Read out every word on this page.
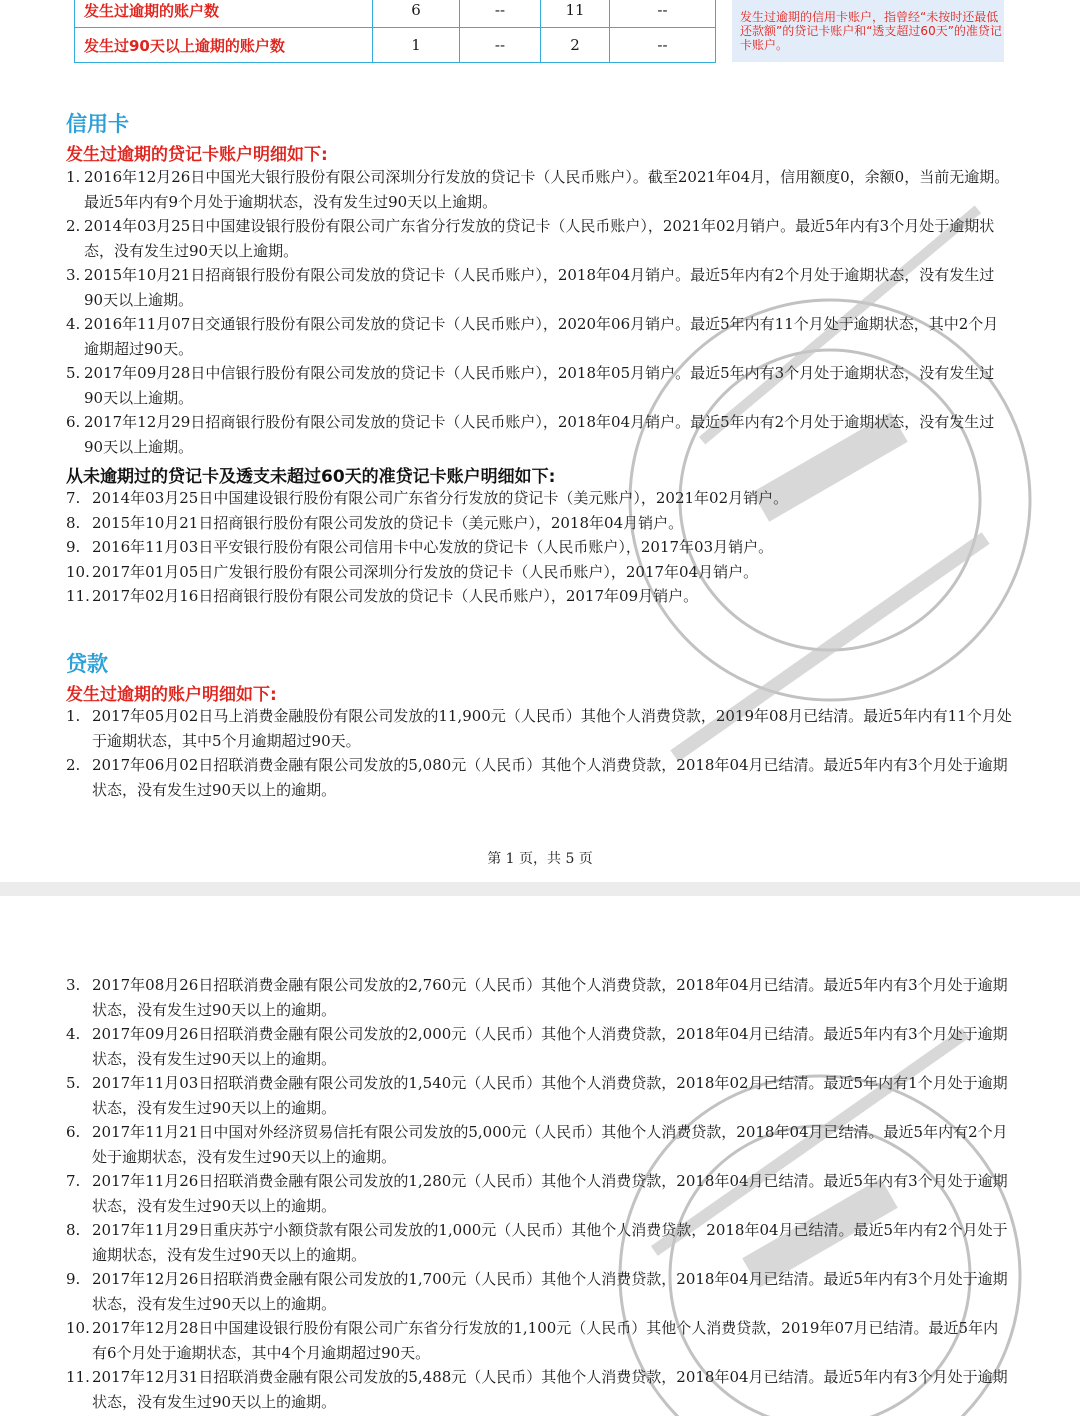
发生过逾期的账户数	6	--	11	--
发生过90天以上逾期的账户数	1	--	2	--
发生过逾期的信用卡账户，指曾经“未按时还最低还款额”的贷记卡账户和“透支超过60天”的准贷记卡账户。
信用卡
发生过逾期的贷记卡账户明细如下:
1. 2016年12月26日中国光大银行股份有限公司深圳分行发放的贷记卡（人民币账户）。截至2021年04月，信用额度0，余额0，当前无逾期。最近5年内有9个月处于逾期状态，没有发生过90天以上逾期。
2. 2014年03月25日中国建设银行股份有限公司广东省分行发放的贷记卡（人民币账户），2021年02月销户。最近5年内有3个月处于逾期状态，没有发生过90天以上逾期。
3. 2015年10月21日招商银行股份有限公司发放的贷记卡（人民币账户），2018年04月销户。最近5年内有2个月处于逾期状态，没有发生过90天以上逾期。
4. 2016年11月07日交通银行股份有限公司发放的贷记卡（人民币账户），2020年06月销户。最近5年内有11个月处于逾期状态，其中2个月逾期超过90天。
5. 2017年09月28日中信银行股份有限公司发放的贷记卡（人民币账户），2018年05月销户。最近5年内有3个月处于逾期状态，没有发生过90天以上逾期。
6. 2017年12月29日招商银行股份有限公司发放的贷记卡（人民币账户），2018年04月销户。最近5年内有2个月处于逾期状态，没有发生过90天以上逾期。
从未逾期过的贷记卡及透支未超过60天的准贷记卡账户明细如下:
7. 2014年03月25日中国建设银行股份有限公司广东省分行发放的贷记卡（美元账户），2021年02月销户。
8. 2015年10月21日招商银行股份有限公司发放的贷记卡（美元账户），2018年04月销户。
9. 2016年11月03日平安银行股份有限公司信用卡中心发放的贷记卡（人民币账户），2017年03月销户。
10. 2017年01月05日广发银行股份有限公司深圳分行发放的贷记卡（人民币账户），2017年04月销户。
11. 2017年02月16日招商银行股份有限公司发放的贷记卡（人民币账户），2017年09月销户。
贷款
发生过逾期的账户明细如下:
1. 2017年05月02日马上消费金融股份有限公司发放的11,900元（人民币）其他个人消费贷款，2019年08月已结清。最近5年内有11个月处于逾期状态，其中5个月逾期超过90天。
2. 2017年06月02日招联消费金融有限公司发放的5,080元（人民币）其他个人消费贷款，2018年04月已结清。最近5年内有3个月处于逾期状态，没有发生过90天以上的逾期。
第 1 页，共 5 页
3. 2017年08月26日招联消费金融有限公司发放的2,760元（人民币）其他个人消费贷款，2018年04月已结清。最近5年内有3个月处于逾期状态，没有发生过90天以上的逾期。
4. 2017年09月26日招联消费金融有限公司发放的2,000元（人民币）其他个人消费贷款，2018年04月已结清。最近5年内有3个月处于逾期状态，没有发生过90天以上的逾期。
5. 2017年11月03日招联消费金融有限公司发放的1,540元（人民币）其他个人消费贷款，2018年02月已结清。最近5年内有1个月处于逾期状态，没有发生过90天以上的逾期。
6. 2017年11月21日中国对外经济贸易信托有限公司发放的5,000元（人民币）其他个人消费贷款，2018年04月已结清。最近5年内有2个月处于逾期状态，没有发生过90天以上的逾期。
7. 2017年11月26日招联消费金融有限公司发放的1,280元（人民币）其他个人消费贷款，2018年04月已结清。最近5年内有3个月处于逾期状态，没有发生过90天以上的逾期。
8. 2017年11月29日重庆苏宁小额贷款有限公司发放的1,000元（人民币）其他个人消费贷款，2018年04月已结清。最近5年内有2个月处于逾期状态，没有发生过90天以上的逾期。
9. 2017年12月26日招联消费金融有限公司发放的1,700元（人民币）其他个人消费贷款，2018年04月已结清。最近5年内有3个月处于逾期状态，没有发生过90天以上的逾期。
10. 2017年12月28日中国建设银行股份有限公司广东省分行发放的1,100元（人民币）其他个人消费贷款，2019年07月已结清。最近5年内有6个月处于逾期状态，其中4个月逾期超过90天。
11. 2017年12月31日招联消费金融有限公司发放的5,488元（人民币）其他个人消费贷款，2018年04月已结清。最近5年内有3个月处于逾期状态，没有发生过90天以上的逾期。
